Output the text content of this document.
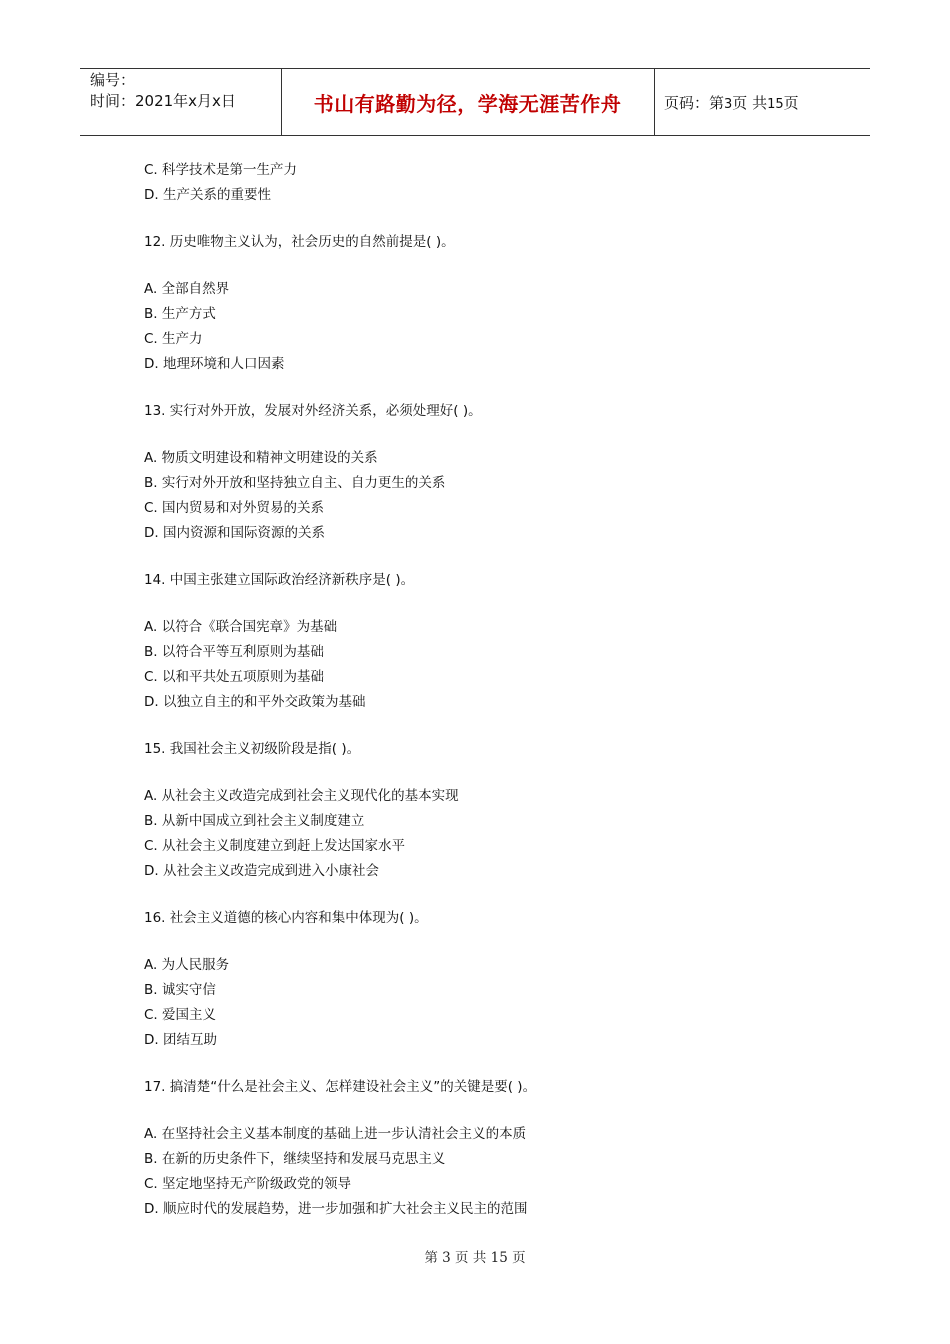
编号：
时间：2021年x月x日	书山有路勤为径，学海无涯苦作舟	页码：第3页 共15页
C. 科学技术是第一生产力
D. 生产关系的重要性
12. 历史唯物主义认为，社会历史的自然前提是( )。
A. 全部自然界
B. 生产方式
C. 生产力
D. 地理环境和人口因素
13. 实行对外开放，发展对外经济关系，必须处理好( )。
A. 物质文明建设和精神文明建设的关系
B. 实行对外开放和坚持独立自主、自力更生的关系
C. 国内贸易和对外贸易的关系
D. 国内资源和国际资源的关系
14. 中国主张建立国际政治经济新秩序是( )。
A. 以符合《联合国宪章》为基础
B. 以符合平等互利原则为基础
C. 以和平共处五项原则为基础
D. 以独立自主的和平外交政策为基础
15. 我国社会主义初级阶段是指( )。
A. 从社会主义改造完成到社会主义现代化的基本实现
B. 从新中国成立到社会主义制度建立
C. 从社会主义制度建立到赶上发达国家水平
D. 从社会主义改造完成到进入小康社会
16. 社会主义道德的核心内容和集中体现为( )。
A. 为人民服务
B. 诚实守信
C. 爱国主义
D. 团结互助
17. 搞清楚“什么是社会主义、怎样建设社会主义”的关键是要( )。
A. 在坚持社会主义基本制度的基础上进一步认清社会主义的本质
B. 在新的历史条件下，继续坚持和发展马克思主义
C. 坚定地坚持无产阶级政党的领导
D. 顺应时代的发展趋势，进一步加强和扩大社会主义民主的范围
第 3 页 共 15 页
